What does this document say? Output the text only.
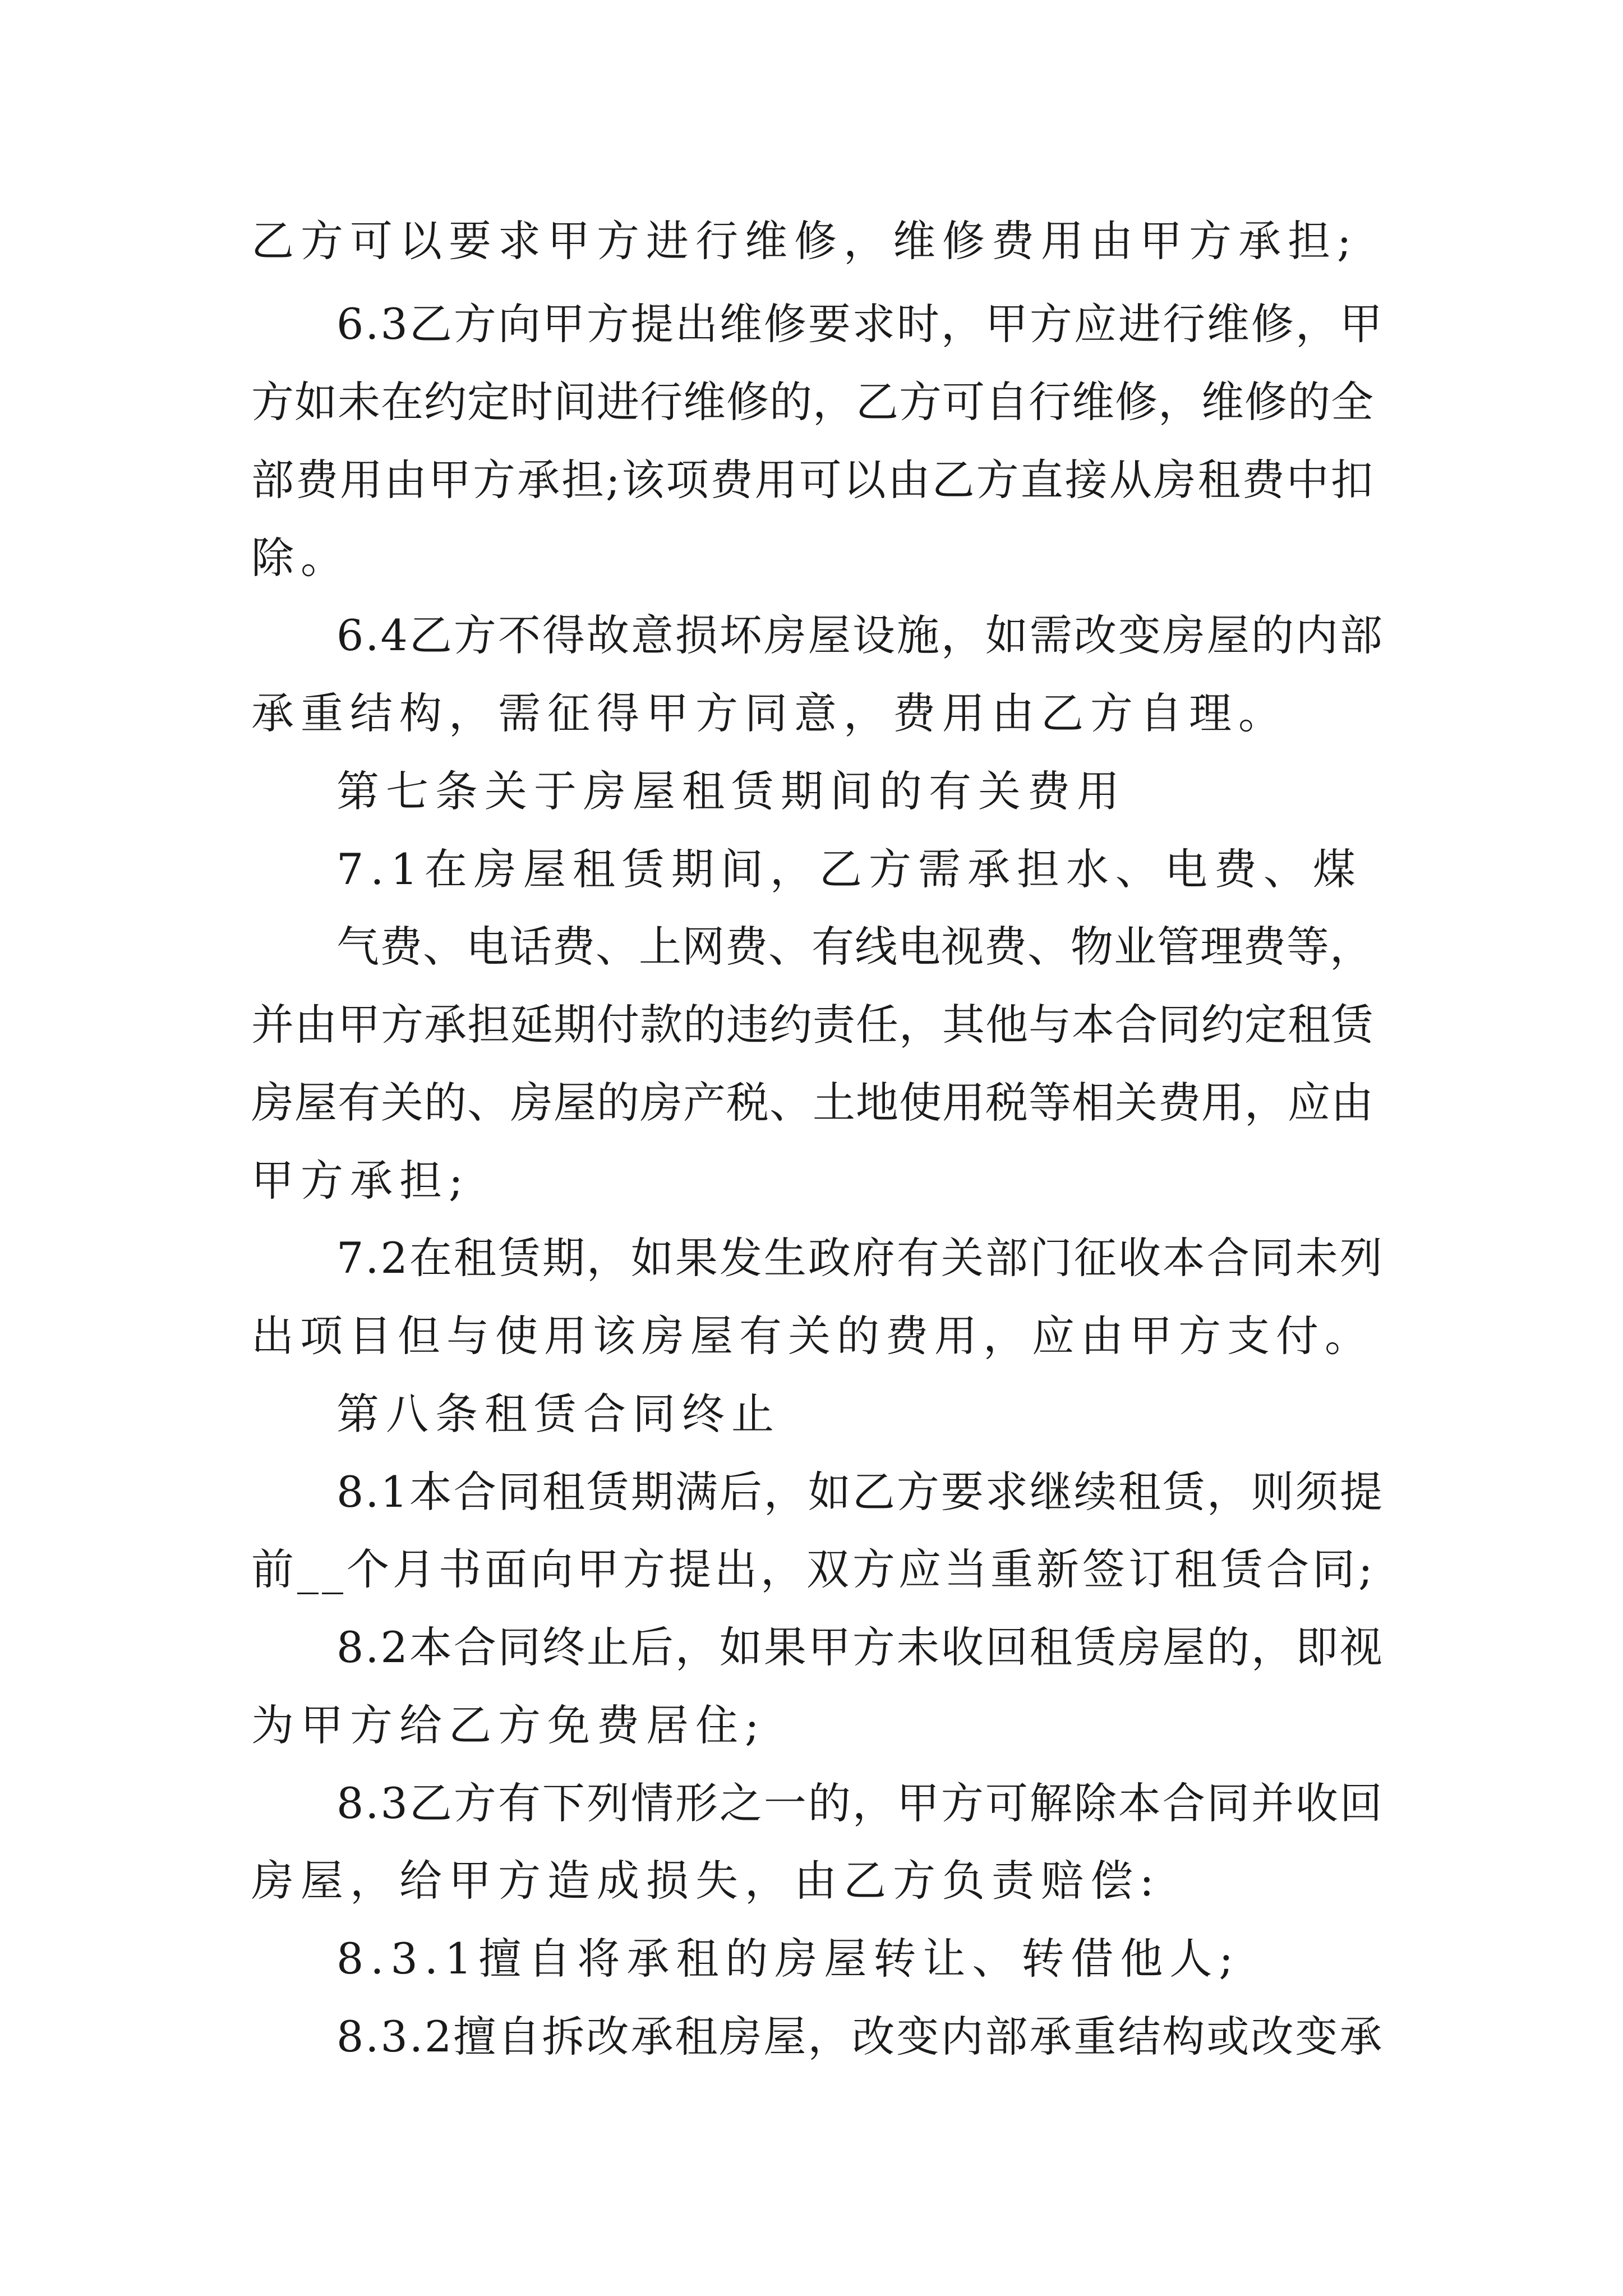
乙方可以要求甲方进行维修，维修费用由甲方承担;
6.3乙方向甲方提出维修要求时，甲方应进行维修，甲
方如未在约定时间进行维修的，乙方可自行维修，维修的全
部费用由甲方承担;该项费用可以由乙方直接从房租费中扣
除。
6.4乙方不得故意损坏房屋设施，如需改变房屋的内部
承重结构，需征得甲方同意，费用由乙方自理。
第七条关于房屋租赁期间的有关费用
7.1在房屋租赁期间，乙方需承担水、电费、煤
气费、电话费、上网费、有线电视费、物业管理费等，
并由甲方承担延期付款的违约责任，其他与本合同约定租赁
房屋有关的、房屋的房产税、土地使用税等相关费用，应由
甲方承担;
7.2在租赁期，如果发生政府有关部门征收本合同未列
出项目但与使用该房屋有关的费用，应由甲方支付。
第八条租赁合同终止
8.1本合同租赁期满后，如乙方要求继续租赁，则须提
前__个月书面向甲方提出，双方应当重新签订租赁合同;
8.2本合同终止后，如果甲方未收回租赁房屋的，即视
为甲方给乙方免费居住;
8.3乙方有下列情形之一的，甲方可解除本合同并收回
房屋，给甲方造成损失，由乙方负责赔偿:
8.3.1擅自将承租的房屋转让、转借他人;
8.3.2擅自拆改承租房屋，改变内部承重结构或改变承
